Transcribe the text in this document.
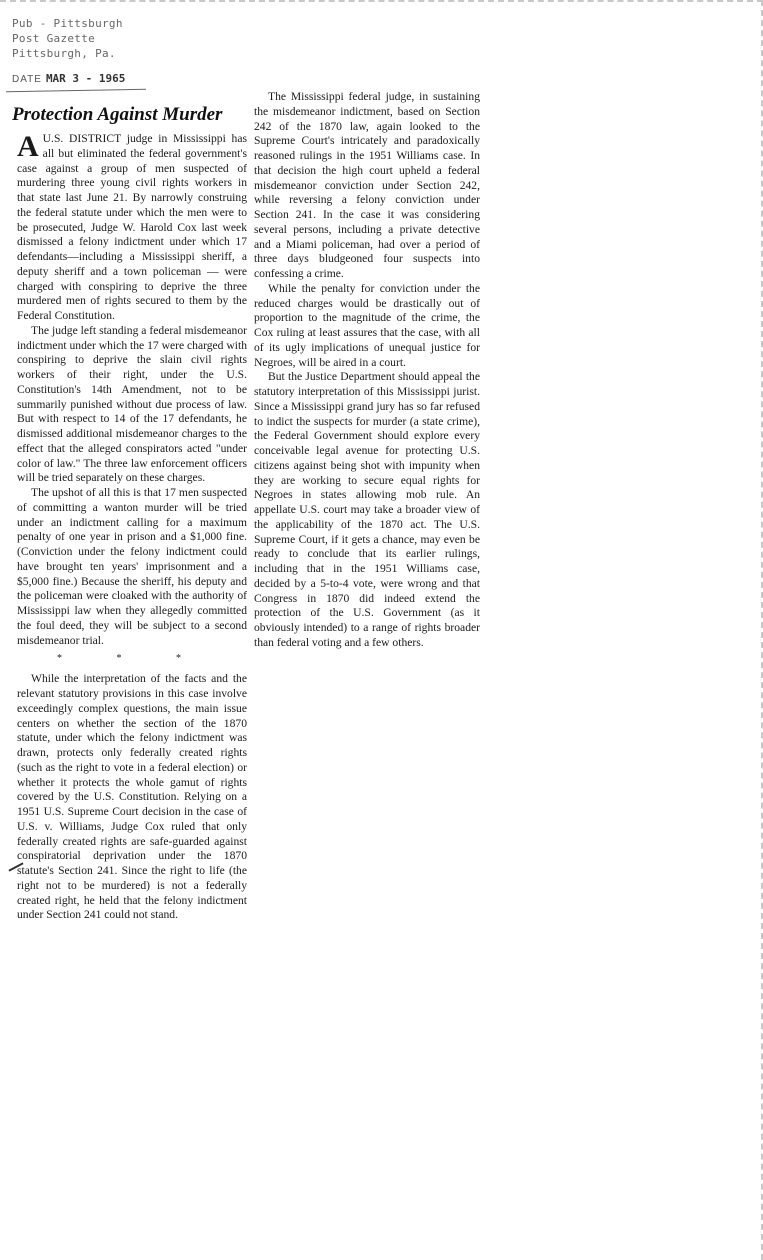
Pub - Pittsburgh
Post Gazette
Pittsburgh, Pa.
DATE MAR 3 - 1965
Protection Against Murder

A U.S. DISTRICT judge in Mississippi has all but eliminated the federal government's case against a group of men suspected of murdering three young civil rights workers in that state last June 21. By narrowly construing the federal statute under which the men were to be prosecuted, Judge W. Harold Cox last week dismissed a felony indictment under which 17 defendants—including a Mississippi sheriff, a deputy sheriff and a town policeman — were charged with conspiring to deprive the three murdered men of rights secured to them by the Federal Constitution.

The judge left standing a federal misdemeanor indictment under which the 17 were charged with conspiring to deprive the slain civil rights workers of their right, under the U.S. Constitution's 14th Amendment, not to be summarily punished without due process of law. But with respect to 14 of the 17 defendants, he dismissed additional misdemeanor charges to the effect that the alleged conspirators acted "under color of law." The three law enforcement officers will be tried separately on these charges.

The upshot of all this is that 17 men suspected of committing a wanton murder will be tried under an indictment calling for a maximum penalty of one year in prison and a $1,000 fine. (Conviction under the felony indictment could have brought ten years' imprisonment and a $5,000 fine.) Because the sheriff, his deputy and the policeman were cloaked with the authority of Mississippi law when they allegedly committed the foul deed, they will be subject to a second misdemeanor trial.

* * *

While the interpretation of the facts and the relevant statutory provisions in this case involve exceedingly complex questions, the main issue centers on whether the section of the 1870 statute, under which the felony indictment was drawn, protects only federally created rights (such as the right to vote in a federal election) or whether it protects the whole gamut of rights covered by the U.S. Constitution. Relying on a 1951 U.S. Supreme Court decision in the case of U.S. v. Williams, Judge Cox ruled that only federally created rights are safe-guarded against conspiratorial deprivation under the 1870 statute's Section 241. Since the right to life (the right not to be murdered) is not a federally created right, he held that the felony indictment under Section 241 could not stand.

The Mississippi federal judge, in sustaining the misdemeanor indictment, based on Section 242 of the 1870 law, again looked to the Supreme Court's intricately and paradoxically reasoned rulings in the 1951 Williams case. In that decision the high court upheld a federal misdemeanor conviction under Section 242, while reversing a felony conviction under Section 241. In the case it was considering several persons, including a private detective and a Miami policeman, had over a period of three days bludgeoned four suspects into confessing a crime.

While the penalty for conviction under the reduced charges would be drastically out of proportion to the magnitude of the crime, the Cox ruling at least assures that the case, with all of its ugly implications of unequal justice for Negroes, will be aired in a court.

But the Justice Department should appeal the statutory interpretation of this Mississippi jurist. Since a Mississippi grand jury has so far refused to indict the suspects for murder (a state crime), the Federal Government should explore every conceivable legal avenue for protecting U.S. citizens against being shot with impunity when they are working to secure equal rights for Negroes in states allowing mob rule. An appellate U.S. court may take a broader view of the applicability of the 1870 act. The U.S. Supreme Court, if it gets a chance, may even be ready to conclude that its earlier rulings, including that in the 1951 Williams case, decided by a 5-to-4 vote, were wrong and that Congress in 1870 did indeed extend the protection of the U.S. Government (as it obviously intended) to a range of rights broader than federal voting and a few others.
